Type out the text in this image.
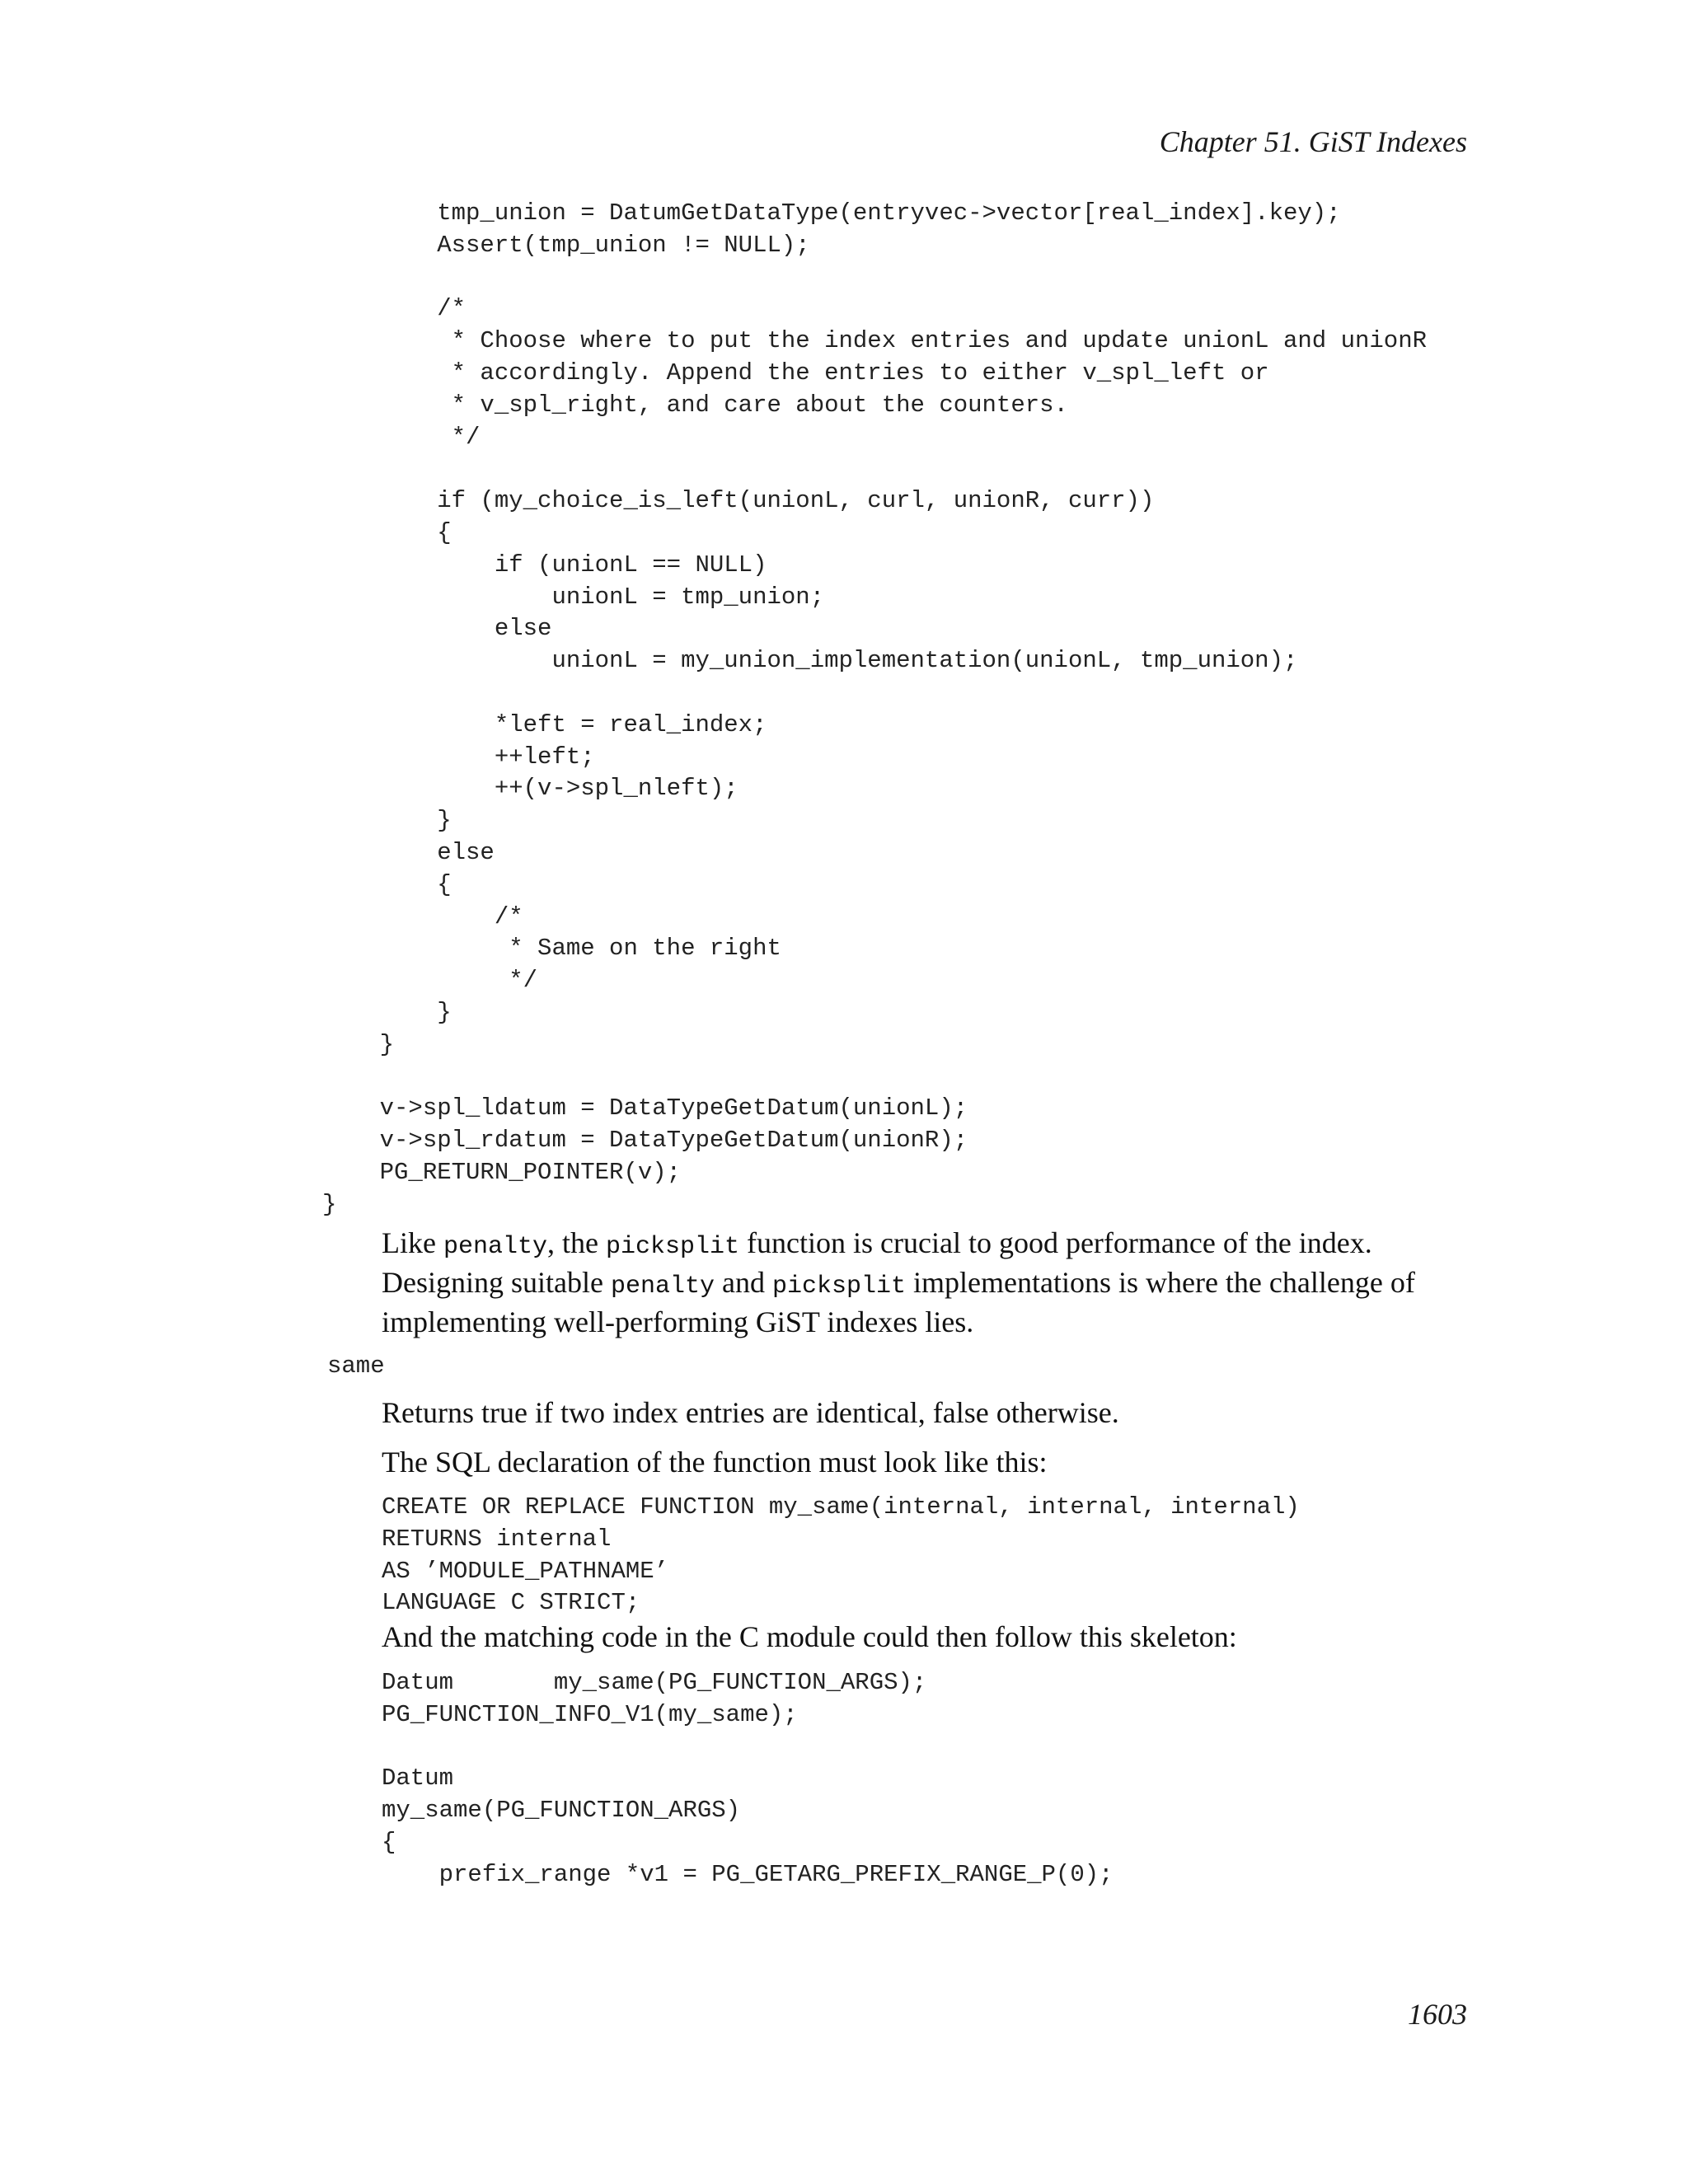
Chapter 51. GiST Indexes
tmp_union = DatumGetDataType(entryvec->vector[real_index].key);
Assert(tmp_union != NULL);
/*
* Choose where to put the index entries and update unionL and unionR
* accordingly. Append the entries to either v_spl_left or
* v_spl_right, and care about the counters.
*/
if (my_choice_is_left(unionL, curl, unionR, curr))
{
if (unionL == NULL)
unionL = tmp_union;
else
unionL = my_union_implementation(unionL, tmp_union);
*left = real_index;
++left;
++(v->spl_nleft);
}
else
{
/*
* Same on the right
*/
}
}
v->spl_ldatum = DataTypeGetDatum(unionL);
v->spl_rdatum = DataTypeGetDatum(unionR);
PG_RETURN_POINTER(v);
}

Like penalty, the picksplit function is crucial to good performance of the index. Designing suitable penalty and picksplit implementations is where the challenge of implementing well-performing GiST indexes lies.

same

Returns true if two index entries are identical, false otherwise.

The SQL declaration of the function must look like this:

CREATE OR REPLACE FUNCTION my_same(internal, internal, internal)
RETURNS internal
AS ’MODULE_PATHNAME’
LANGUAGE C STRICT;

And the matching code in the C module could then follow this skeleton:

Datum       my_same(PG_FUNCTION_ARGS);
PG_FUNCTION_INFO_V1(my_same);
Datum
my_same(PG_FUNCTION_ARGS)
{
prefix_range *v1 = PG_GETARG_PREFIX_RANGE_P(0);
1603
